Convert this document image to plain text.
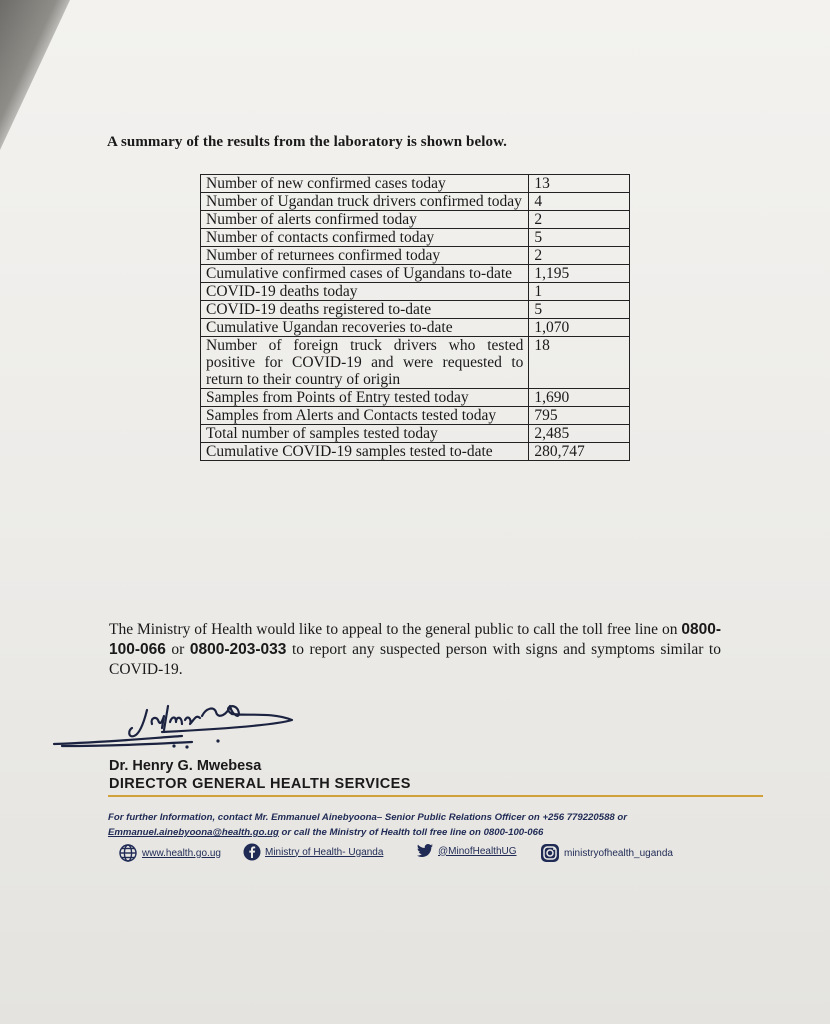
A summary of the results from the laboratory is shown below.
Number of new confirmed cases today	13
Number of Ugandan truck drivers confirmed today	4
Number of alerts confirmed today	2
Number of contacts confirmed today	5
Number of returnees confirmed today	2
Cumulative confirmed cases of Ugandans to-date	1,195
COVID-19 deaths today	1
COVID-19 deaths registered to-date	5
Cumulative Ugandan recoveries to-date	1,070
Number of foreign truck drivers who tested positive for COVID-19 and were requested to return to their country of origin	18
Samples from Points of Entry tested today	1,690
Samples from Alerts and Contacts tested today	795
Total number of samples tested today	2,485
Cumulative COVID-19 samples tested to-date	280,747
The Ministry of Health would like to appeal to the general public to call the toll free line on 0800-100-066 or 0800-203-033 to report any suspected person with signs and symptoms similar to COVID-19.
Dr. Henry G. Mwebesa
DIRECTOR GENERAL HEALTH SERVICES
For further Information, contact Mr. Emmanuel Ainebyoona– Senior Public Relations Officer on +256 779220588 or
Emmanuel.ainebyoona@health.go.ug or call the Ministry of Health toll free line on 0800-100-066
www.health.go.ug	Ministry of Health- Uganda	@MinofHealthUG	ministryofhealth_uganda
